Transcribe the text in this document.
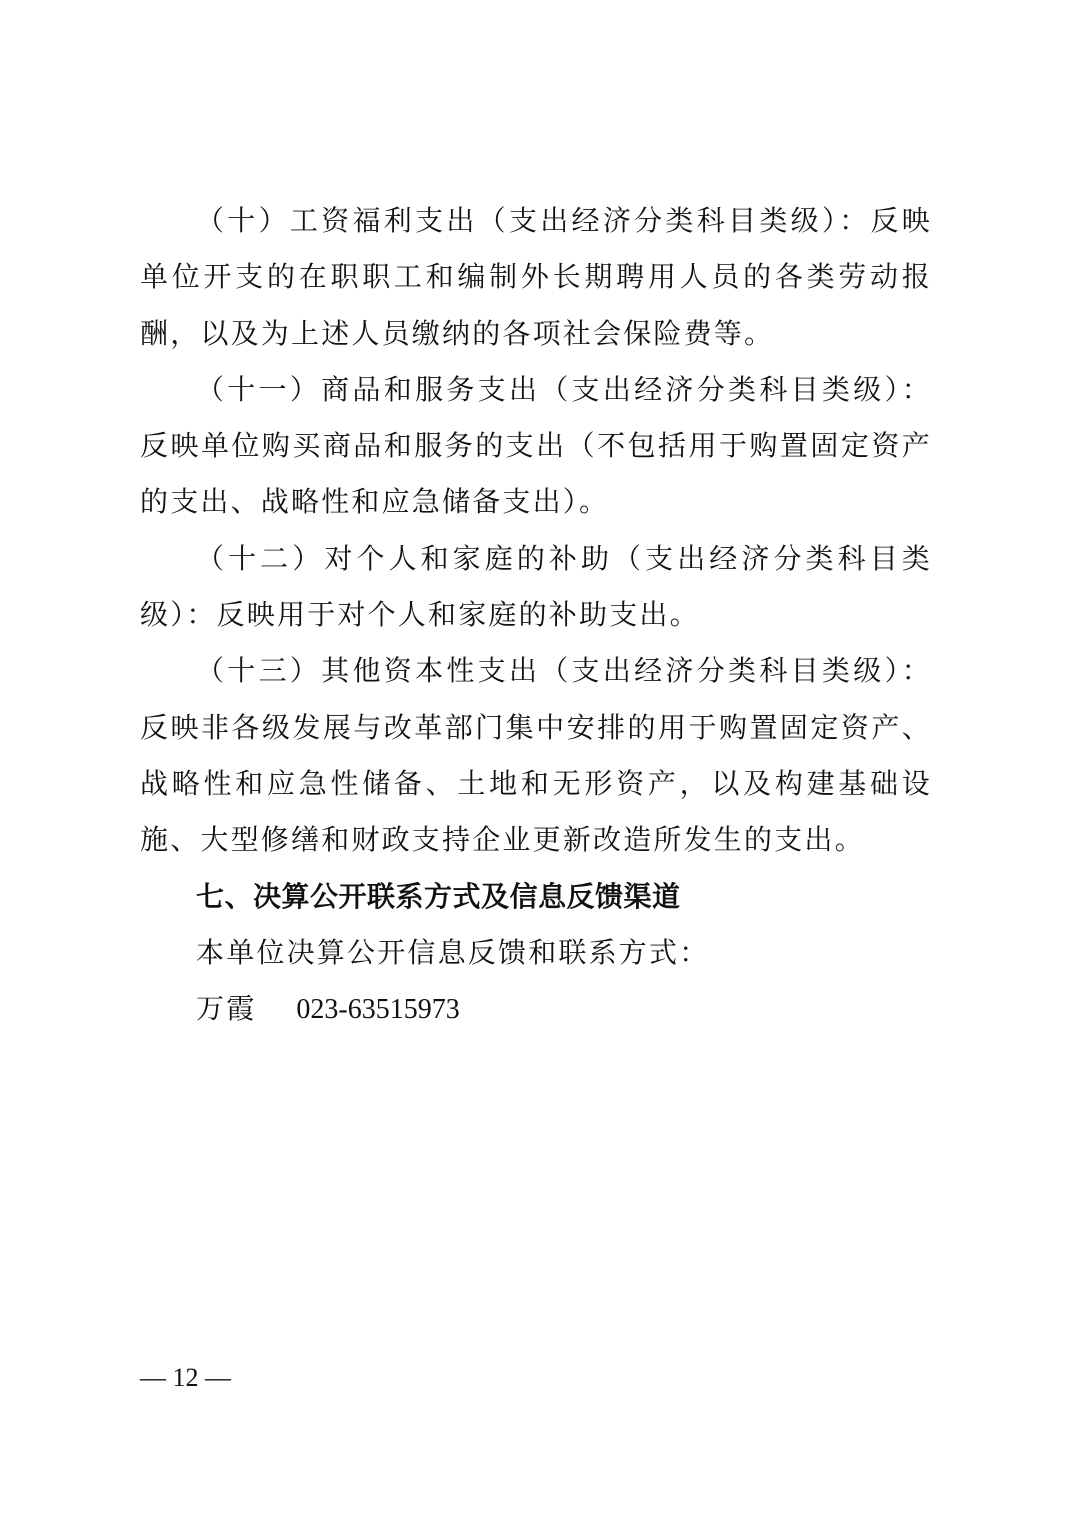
（十）工资福利支出（支出经济分类科目类级）：反映单位开支的在职职工和编制外长期聘用人员的各类劳动报酬，以及为上述人员缴纳的各项社会保险费等。

（十一）商品和服务支出（支出经济分类科目类级）：反映单位购买商品和服务的支出（不包括用于购置固定资产的支出、战略性和应急储备支出）。

（十二）对个人和家庭的补助（支出经济分类科目类级）：反映用于对个人和家庭的补助支出。

（十三）其他资本性支出（支出经济分类科目类级）：反映非各级发展与改革部门集中安排的用于购置固定资产、战略性和应急性储备、土地和无形资产，以及构建基础设施、大型修缮和财政支持企业更新改造所发生的支出。

七、决算公开联系方式及信息反馈渠道

本单位决算公开信息反馈和联系方式：

万霞 023-63515973

— 12 —
